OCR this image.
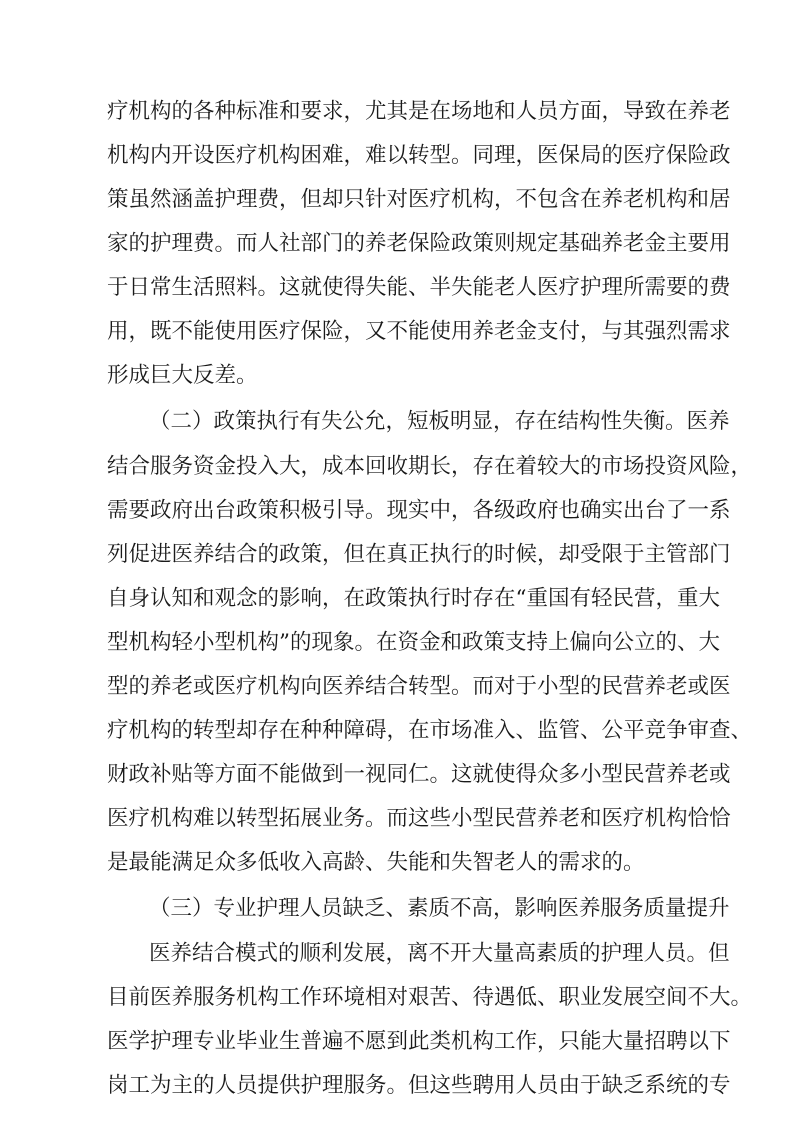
疗机构的各种标准和要求，尤其是在场地和人员方面，导致在养老
机构内开设医疗机构困难，难以转型。同理，医保局的医疗保险政
策虽然涵盖护理费，但却只针对医疗机构，不包含在养老机构和居
家的护理费。而人社部门的养老保险政策则规定基础养老金主要用
于日常生活照料。这就使得失能、半失能老人医疗护理所需要的费
用，既不能使用医疗保险，又不能使用养老金支付，与其强烈需求
形成巨大反差。
（二）政策执行有失公允，短板明显，存在结构性失衡。医养
结合服务资金投入大，成本回收期长，存在着较大的市场投资风险，
需要政府出台政策积极引导。现实中，各级政府也确实出台了一系
列促进医养结合的政策，但在真正执行的时候，却受限于主管部门
自身认知和观念的影响，在政策执行时存在“重国有轻民营，重大
型机构轻小型机构”的现象。在资金和政策支持上偏向公立的、大
型的养老或医疗机构向医养结合转型。而对于小型的民营养老或医
疗机构的转型却存在种种障碍，在市场准入、监管、公平竞争审查、
财政补贴等方面不能做到一视同仁。这就使得众多小型民营养老或
医疗机构难以转型拓展业务。而这些小型民营养老和医疗机构恰恰
是最能满足众多低收入高龄、失能和失智老人的需求的。
（三）专业护理人员缺乏、素质不高，影响医养服务质量提升
医养结合模式的顺利发展，离不开大量高素质的护理人员。但
目前医养服务机构工作环境相对艰苦、待遇低、职业发展空间不大。
医学护理专业毕业生普遍不愿到此类机构工作，只能大量招聘以下
岗工为主的人员提供护理服务。但这些聘用人员由于缺乏系统的专
